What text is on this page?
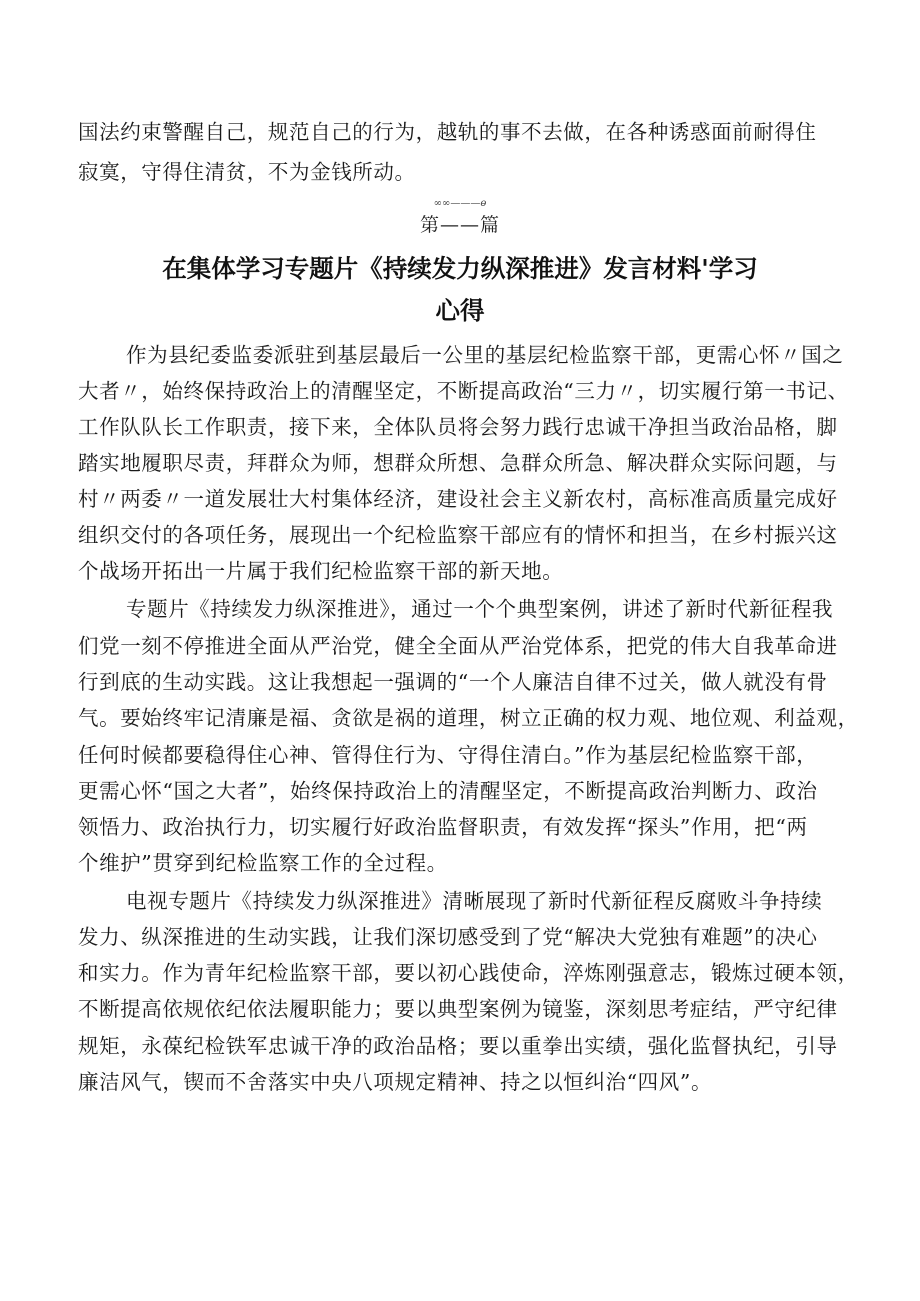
国法约束警醒自己，规范自己的行为，越轨的事不去做，在各种诱惑面前耐得住
寂寞，守得住清贫，不为金钱所动。
∞∞———ɵ
第——篇
在集体学习专题片《持续发力纵深推进》发言材料'学习
心得
作为县纪委监委派驻到基层最后一公里的基层纪检监察干部，更需心怀〃国之
大者〃，始终保持政治上的清醒坚定，不断提高政治“三力〃，切实履行第一书记、
工作队队长工作职责，接下来，全体队员将会努力践行忠诚干净担当政治品格，脚
踏实地履职尽责，拜群众为师，想群众所想、急群众所急、解决群众实际问题，与
村〃两委〃一道发展壮大村集体经济，建设社会主义新农村，高标准高质量完成好
组织交付的各项任务，展现出一个纪检监察干部应有的情怀和担当，在乡村振兴这
个战场开拓出一片属于我们纪检监察干部的新天地。
专题片《持续发力纵深推进》，通过一个个典型案例，讲述了新时代新征程我
们党一刻不停推进全面从严治党，健全全面从严治党体系，把党的伟大自我革命进
行到底的生动实践。这让我想起一强调的“一个人廉洁自律不过关，做人就没有骨
气。要始终牢记清廉是福、贪欲是祸的道理，树立正确的权力观、地位观、利益观，
任何时候都要稳得住心神、管得住行为、守得住清白。”作为基层纪检监察干部，
更需心怀“国之大者”，始终保持政治上的清醒坚定，不断提高政治判断力、政治
领悟力、政治执行力，切实履行好政治监督职责，有效发挥“探头”作用，把“两
个维护”贯穿到纪检监察工作的全过程。
电视专题片《持续发力纵深推进》清晰展现了新时代新征程反腐败斗争持续
发力、纵深推进的生动实践，让我们深切感受到了党“解决大党独有难题”的决心
和实力。作为青年纪检监察干部，要以初心践使命，淬炼刚强意志，锻炼过硬本领，
不断提高依规依纪依法履职能力；要以典型案例为镜鉴，深刻思考症结，严守纪律
规矩，永葆纪检铁军忠诚干净的政治品格；要以重拳出实绩，强化监督执纪，引导
廉洁风气，锲而不舍落实中央八项规定精神、持之以恒纠治“四风”。
